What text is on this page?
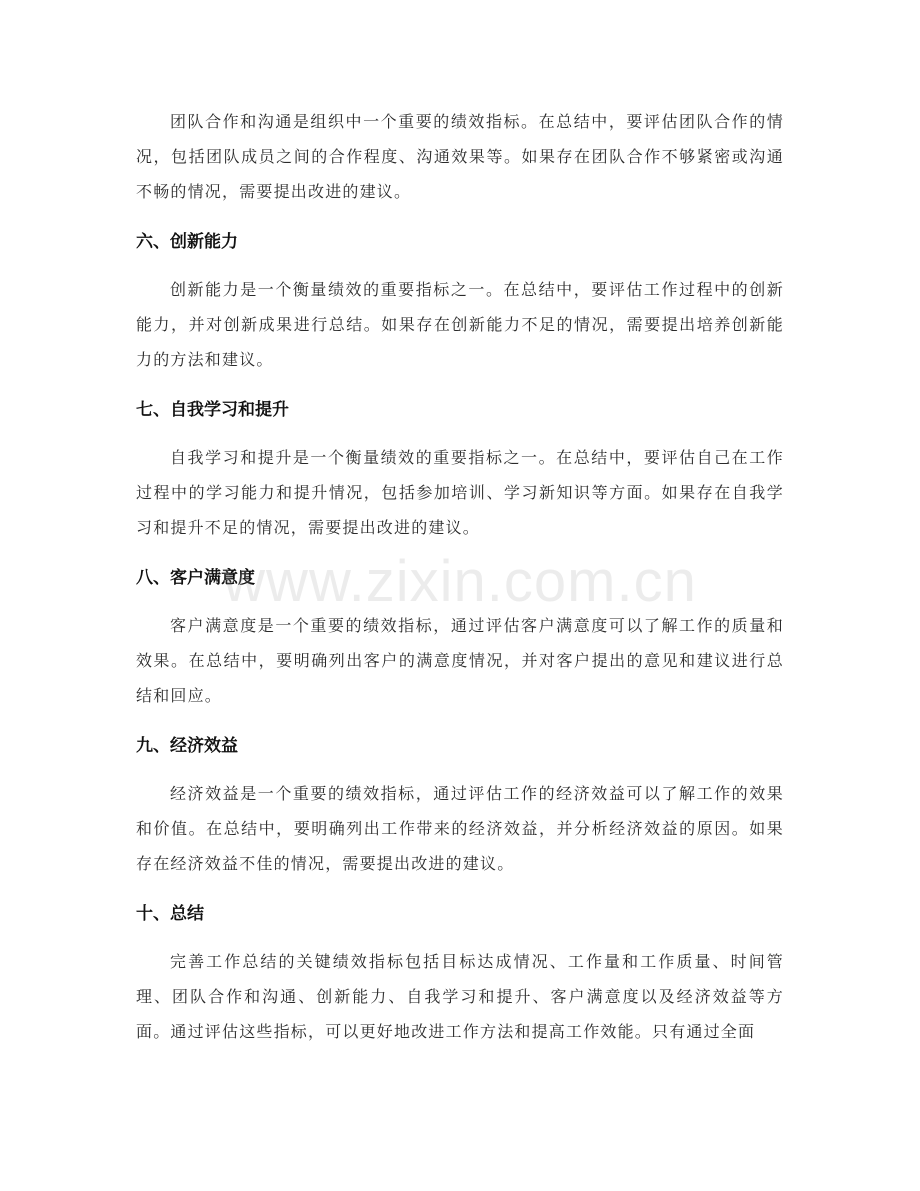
团队合作和沟通是组织中一个重要的绩效指标。在总结中，要评估团队合作的情况，包括团队成员之间的合作程度、沟通效果等。如果存在团队合作不够紧密或沟通不畅的情况，需要提出改进的建议。

六、创新能力

创新能力是一个衡量绩效的重要指标之一。在总结中，要评估工作过程中的创新能力，并对创新成果进行总结。如果存在创新能力不足的情况，需要提出培养创新能力的方法和建议。

七、自我学习和提升

自我学习和提升是一个衡量绩效的重要指标之一。在总结中，要评估自己在工作过程中的学习能力和提升情况，包括参加培训、学习新知识等方面。如果存在自我学习和提升不足的情况，需要提出改进的建议。

八、客户满意度

客户满意度是一个重要的绩效指标，通过评估客户满意度可以了解工作的质量和效果。在总结中，要明确列出客户的满意度情况，并对客户提出的意见和建议进行总结和回应。

九、经济效益

经济效益是一个重要的绩效指标，通过评估工作的经济效益可以了解工作的效果和价值。在总结中，要明确列出工作带来的经济效益，并分析经济效益的原因。如果存在经济效益不佳的情况，需要提出改进的建议。

十、总结

完善工作总结的关键绩效指标包括目标达成情况、工作量和工作质量、时间管理、团队合作和沟通、创新能力、自我学习和提升、客户满意度以及经济效益等方面。通过评估这些指标，可以更好地改进工作方法和提高工作效能。只有通过全面

www.zixin.com.cn
